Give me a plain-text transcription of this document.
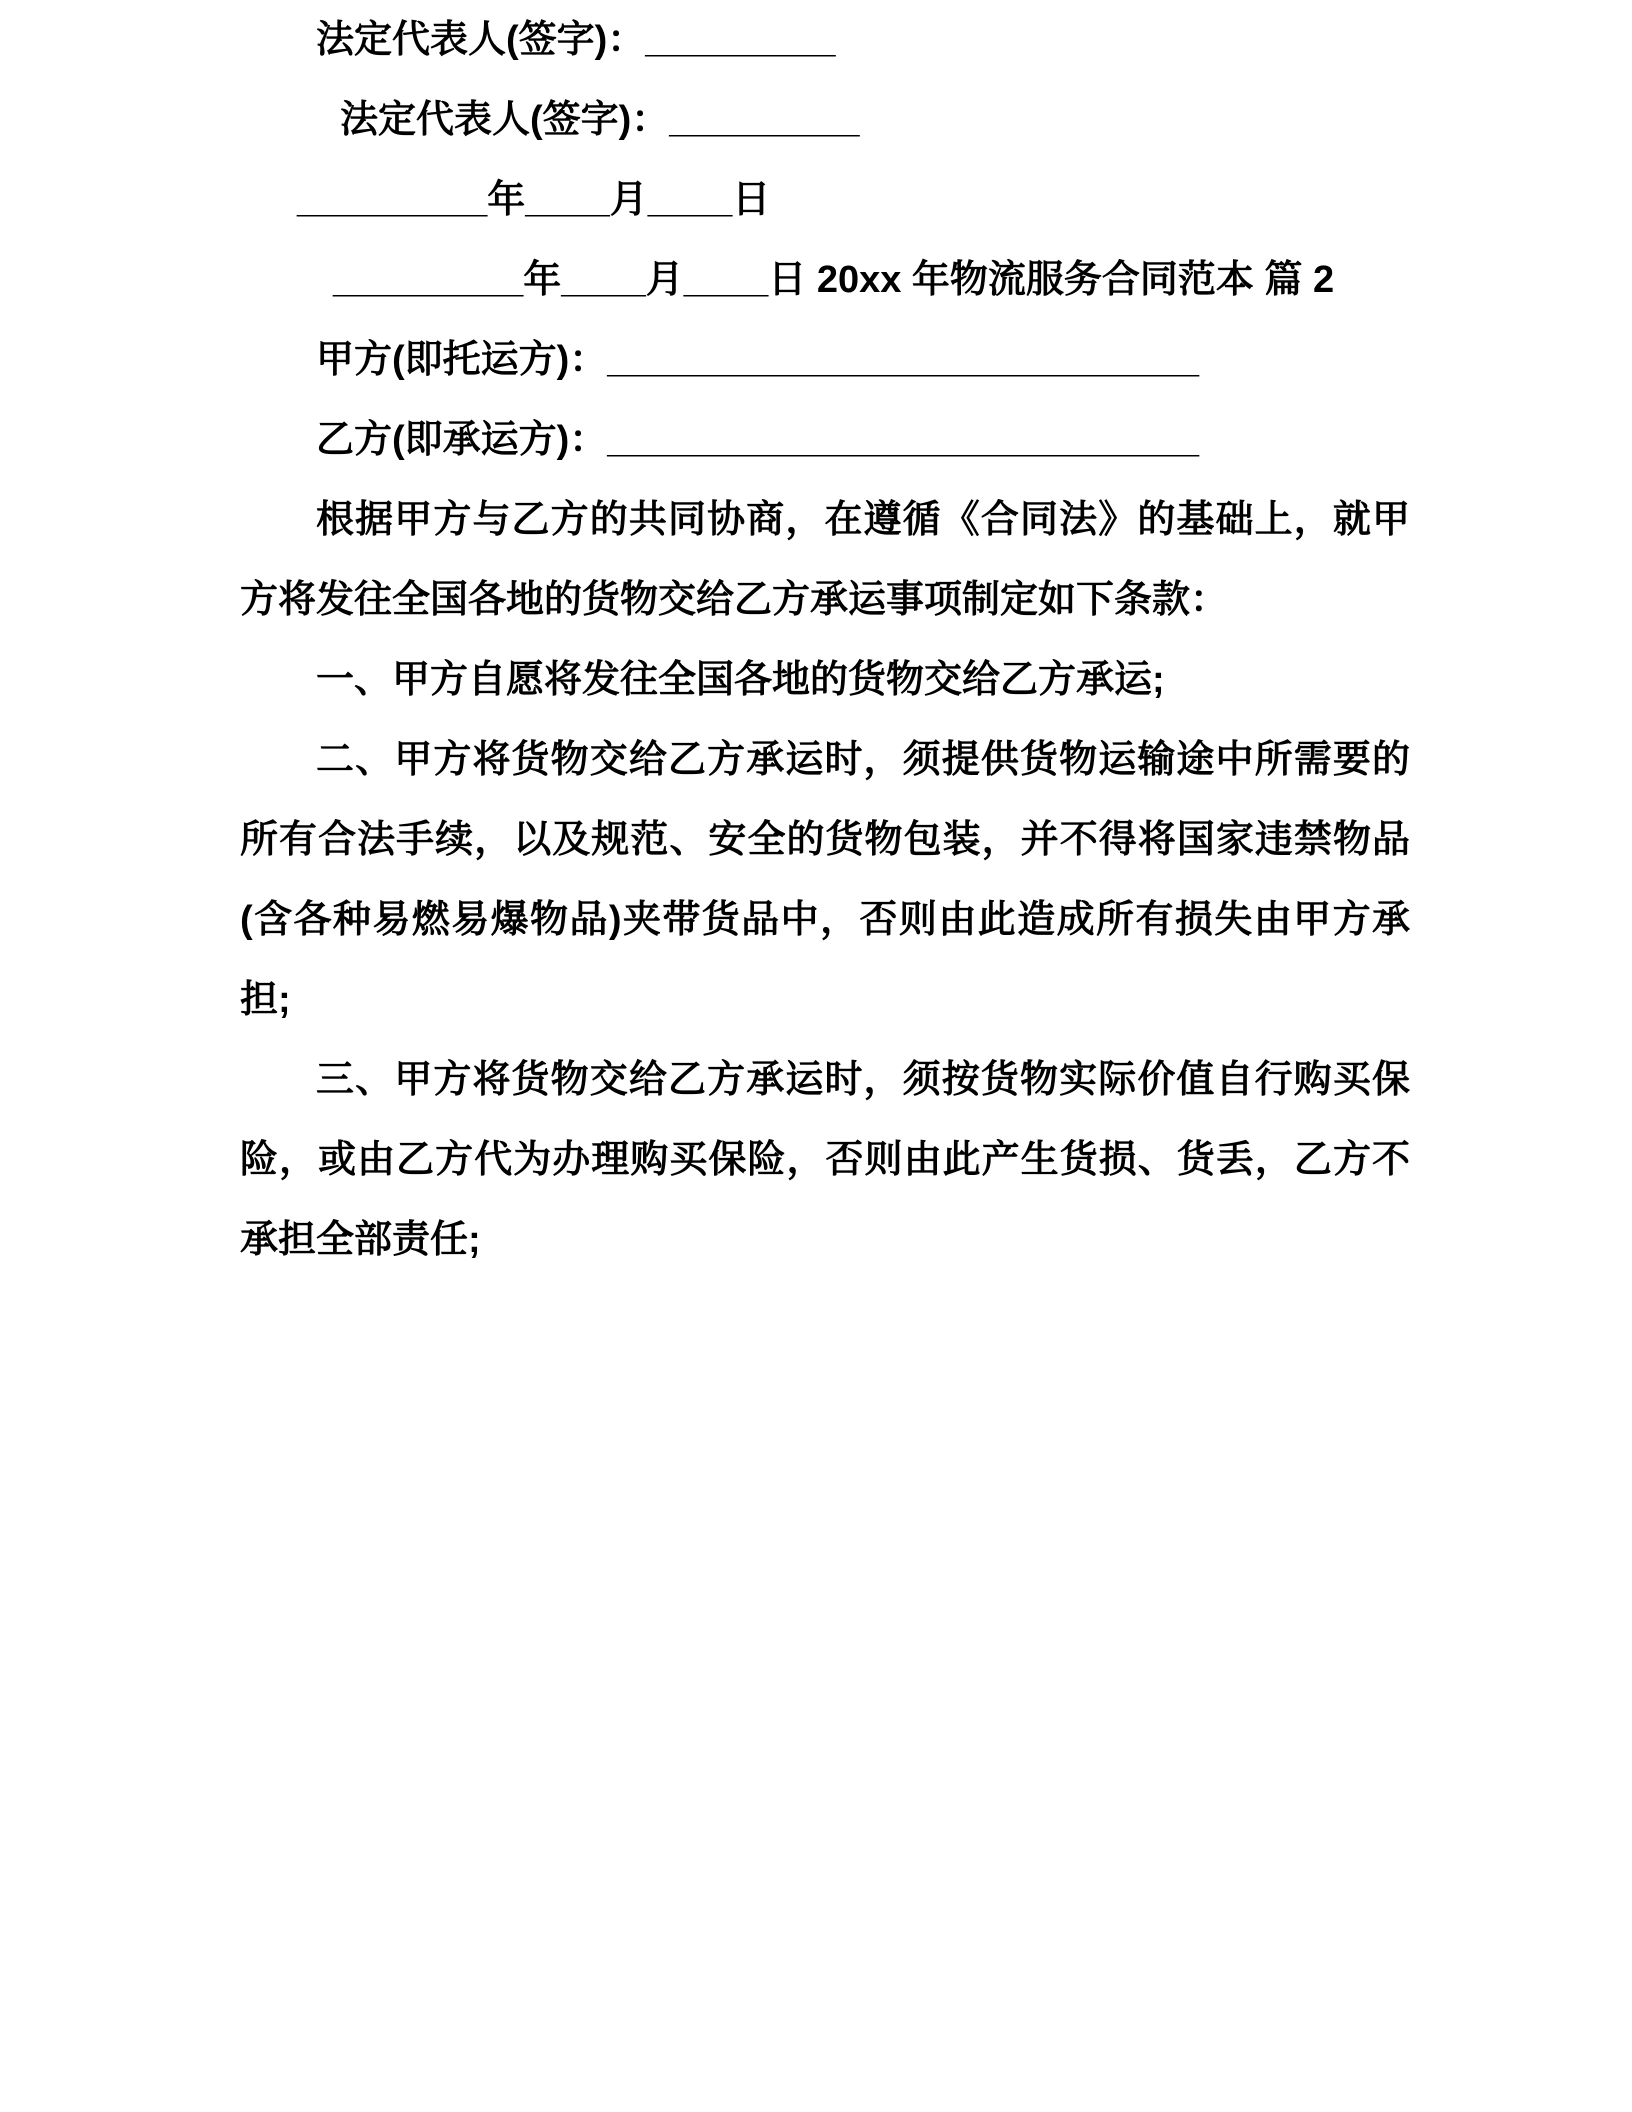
法定代表人(签字)：_________

法定代表人(签字)：_________

_________年____月____日

_________年____月____日 20xx 年物流服务合同范本 篇 2

甲方(即托运方)：____________________________

乙方(即承运方)：____________________________

根据甲方与乙方的共同协商，在遵循《合同法》的基础上，就甲方将发往全国各地的货物交给乙方承运事项制定如下条款：

一、甲方自愿将发往全国各地的货物交给乙方承运;

二、甲方将货物交给乙方承运时，须提供货物运输途中所需要的所有合法手续，以及规范、安全的货物包装，并不得将国家违禁物品(含各种易燃易爆物品)夹带货品中，否则由此造成所有损失由甲方承担;

三、甲方将货物交给乙方承运时，须按货物实际价值自行购买保险，或由乙方代为办理购买保险，否则由此产生货损、货丢，乙方不承担全部责任;
